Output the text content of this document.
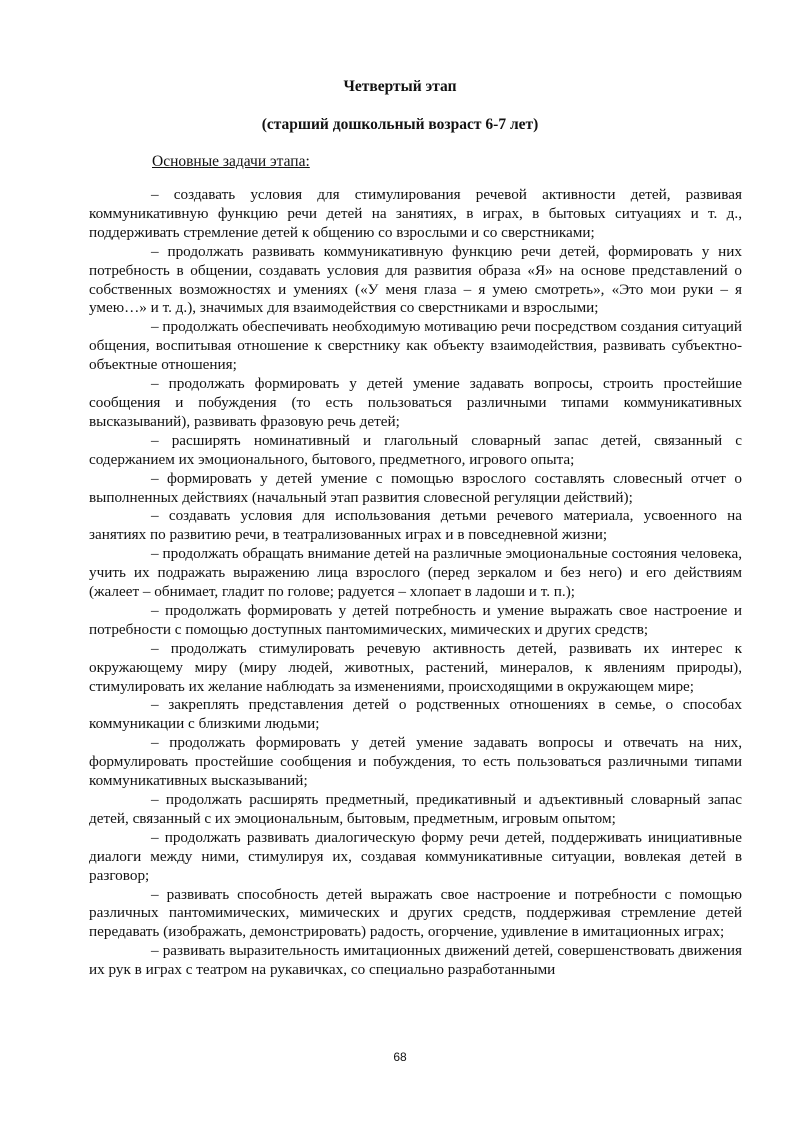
Четвертый этап
(старший дошкольный возраст 6-7 лет)
Основные задачи этапа:

– создавать условия для стимулирования речевой активности детей, развивая коммуникативную функцию речи детей на занятиях, в играх, в бытовых ситуациях и т. д., поддерживать стремление детей к общению со взрослыми и со сверстниками;

– продолжать развивать коммуникативную функцию речи детей, формировать у них потребность в общении, создавать условия для развития образа «Я» на основе представлений о собственных возможностях и умениях («У меня глаза – я умею смотреть», «Это мои руки – я умею…» и т. д.), значимых для взаимодействия со сверстниками и взрослыми;

– продолжать обеспечивать необходимую мотивацию речи посредством создания ситуаций общения, воспитывая отношение к сверстнику как объекту взаимодействия, развивать субъектно-объектные отношения;

– продолжать формировать у детей умение задавать вопросы, строить простейшие сообщения и побуждения (то есть пользоваться различными типами коммуникативных высказываний), развивать фразовую речь детей;

– расширять номинативный и глагольный словарный запас детей, связанный с содержанием их эмоционального, бытового, предметного, игрового опыта;

– формировать у детей умение с помощью взрослого составлять словесный отчет о выполненных действиях (начальный этап развития словесной регуляции действий);

– создавать условия для использования детьми речевого материала, усвоенного на занятиях по развитию речи, в театрализованных играх и в повседневной жизни;

– продолжать обращать внимание детей на различные эмоциональные состояния человека, учить их подражать выражению лица взрослого (перед зеркалом и без него) и его действиям (жалеет – обнимает, гладит по голове; радуется – хлопает в ладоши и т. п.);

– продолжать формировать у детей потребность и умение выражать свое настроение и потребности с помощью доступных пантомимических, мимических и других средств;

– продолжать стимулировать речевую активность детей, развивать их интерес к окружающему миру (миру людей, животных, растений, минералов, к явлениям природы), стимулировать их желание наблюдать за изменениями, происходящими в окружающем мире;

– закреплять представления детей о родственных отношениях в семье, о способах коммуникации с близкими людьми;

– продолжать формировать у детей умение задавать вопросы и отвечать на них, формулировать простейшие сообщения и побуждения, то есть пользоваться различными типами коммуникативных высказываний;

– продолжать расширять предметный, предикативный и адъективный словарный запас детей, связанный с их эмоциональным, бытовым, предметным, игровым опытом;

– продолжать развивать диалогическую форму речи детей, поддерживать инициативные диалоги между ними, стимулируя их, создавая коммуникативные ситуации, вовлекая детей в разговор;

– развивать способность детей выражать свое настроение и потребности с помощью различных пантомимических, мимических и других средств, поддерживая стремление детей передавать (изображать, демонстрировать) радость, огорчение, удивление в имитационных играх;

– развивать выразительность имитационных движений детей, совершенствовать движения их рук в играх с театром на рукавичках, со специально разработанными

68
